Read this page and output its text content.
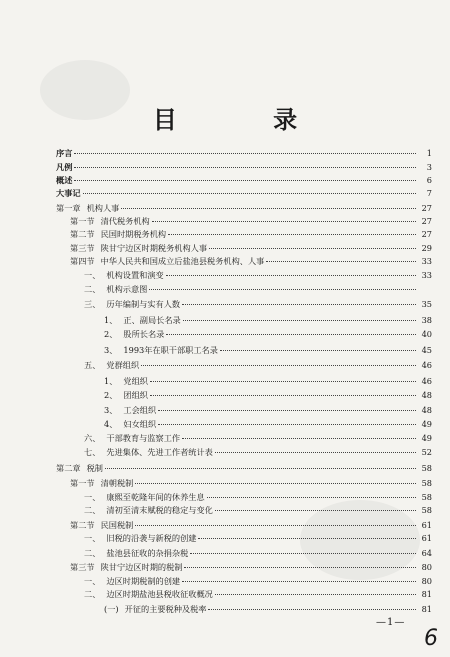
目 录
序言	1
凡例	3
概述	6
大事记	7
第一章 机构人事	27
第一节 清代税务机构	27
第二节 民国时期税务机构	27
第三节 陕甘宁边区时期税务机构人事	29
第四节 中华人民共和国成立后盐池县税务机构、人事	33
一、 机构设置和演变	33
二、 机构示意图
三、 历年编制与实有人数	35
1、 正、副局长名录	38
2、 股所长名录	40
3、 1993年在职干部职工名录	45
五、 党群组织	46
1、 党组织	46
2、 团组织	48
3、 工会组织	48
4、 妇女组织	49
六、 干部教育与监察工作	49
七、 先进集体、先进工作者统计表	52
第二章 税制	58
第一节 清朝税制	58
一、 康熙至乾隆年间的休养生息	58
二、 清初至清末赋税的稳定与变化	58
第二节 民国税制	61
一、 旧税的沿袭与新税的创建	61
二、 盐池县征收的杂捐杂税	64
第三节 陕甘宁边区时期的税制	80
一、 边区时期税制的创建	80
二、 边区时期盐池县税收征收概况	81
(一) 开征的主要税种及税率	81
—1—
6
